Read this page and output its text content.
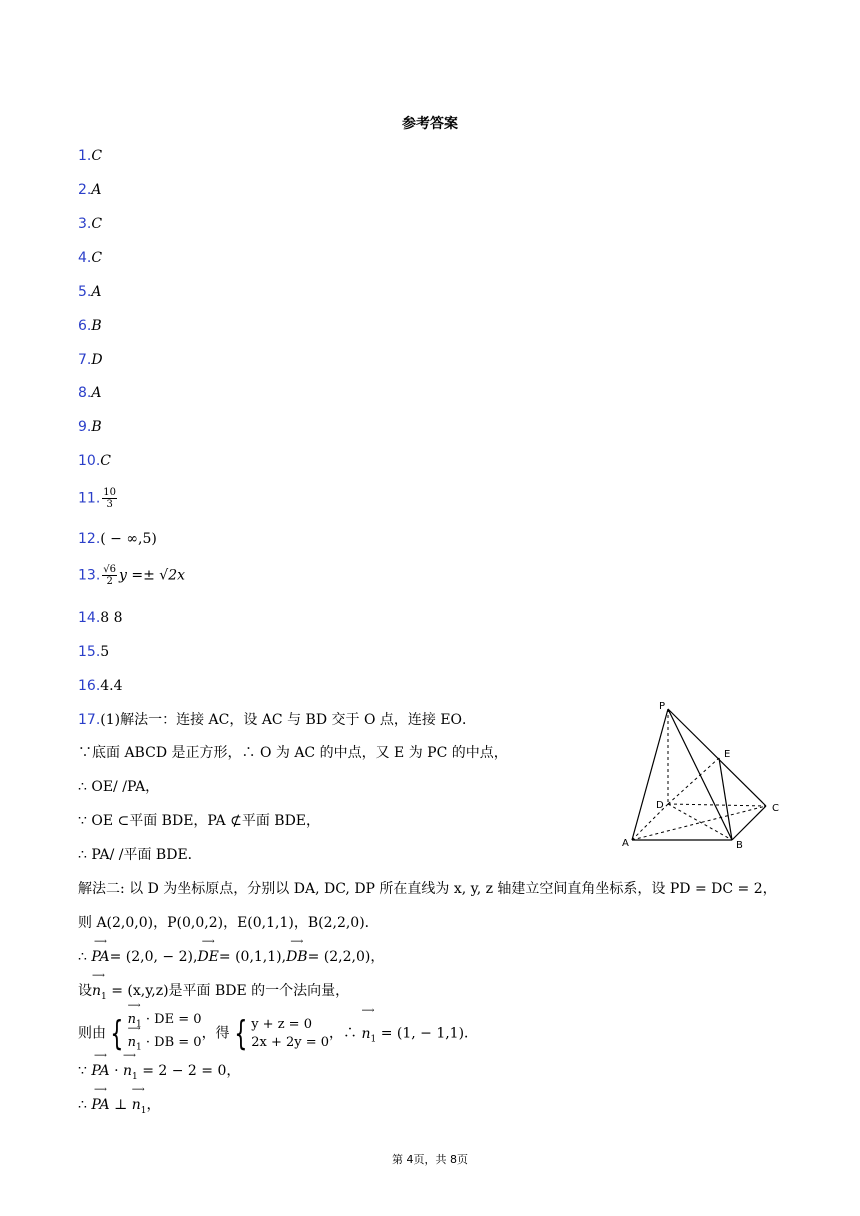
参考答案
1.C
2.A
3.C
4.C
5.A
6.B
7.D
8.A
9.B
10.C
11. $\frac{10}{3}$
12.( − ∞,5)
13. $\frac{√6}{2}$ y =± √2x
14.8 8
15.5
16.4.4
17.(1)解法一：连接 AC，设 AC 与 BD 交于 O 点，连接 EO．
∵底面 ABCD 是正方形，∴ O 为 AC 的中点，又 E 为 PC 的中点，
∴ OE/ /PA，
∵ OE ⊂平面 BDE，PA ⊄平面 BDE，
∴ PA/ /平面 BDE．
解法二: 以 D 为坐标原点，分别以 DA, DC, DP 所在直线为 x, y, z 轴建立空间直角坐标系，设 PD = DC = 2，
则 A(2,0,0)，P(0,0,2)，E(0,1,1)，B(2,2,0)．
∴ ⟶ PA= (2,0, − 2),⟶ DE= (0,1,1),⟶ DB= (2,2,0)，
设⟶ $n_1 = (x,y,z)$是平面 BDE 的一个法向量，
则由 { ⟶ $n_1$ · DE = 0
⟶ $n_1$ · DB = 0
，得 { y + z = 0
2x + 2y = 0
，∴ ⟶ $n_1 = (1$, − 1,1)．
∵ ⟶ PA · ⟶ $n_1 = 2 - 2 = 0$，
∴ ⟶ PA ⊥ ⟶ $n_1$，
P
E
D	C
A	B
第 4页，共 8页
